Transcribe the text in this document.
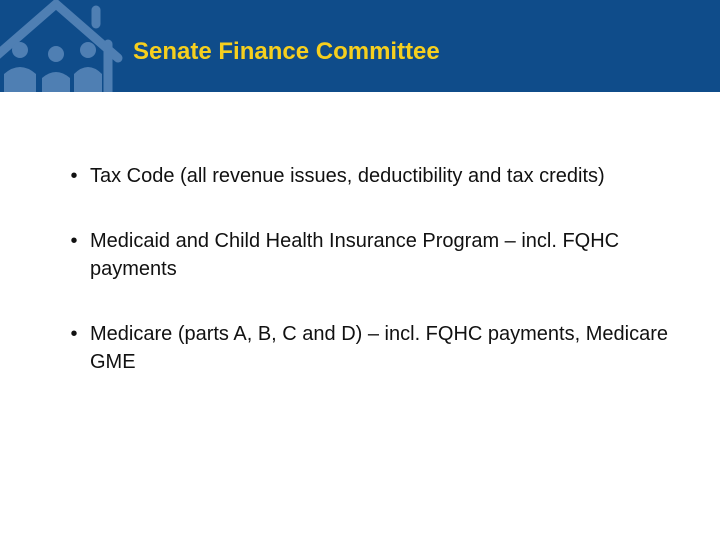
Senate Finance Committee
• Tax Code (all revenue issues, deductibility and tax credits)
• Medicaid and Child Health Insurance Program – incl. FQHC payments
• Medicare (parts A, B, C and D) – incl. FQHC payments, Medicare GME
